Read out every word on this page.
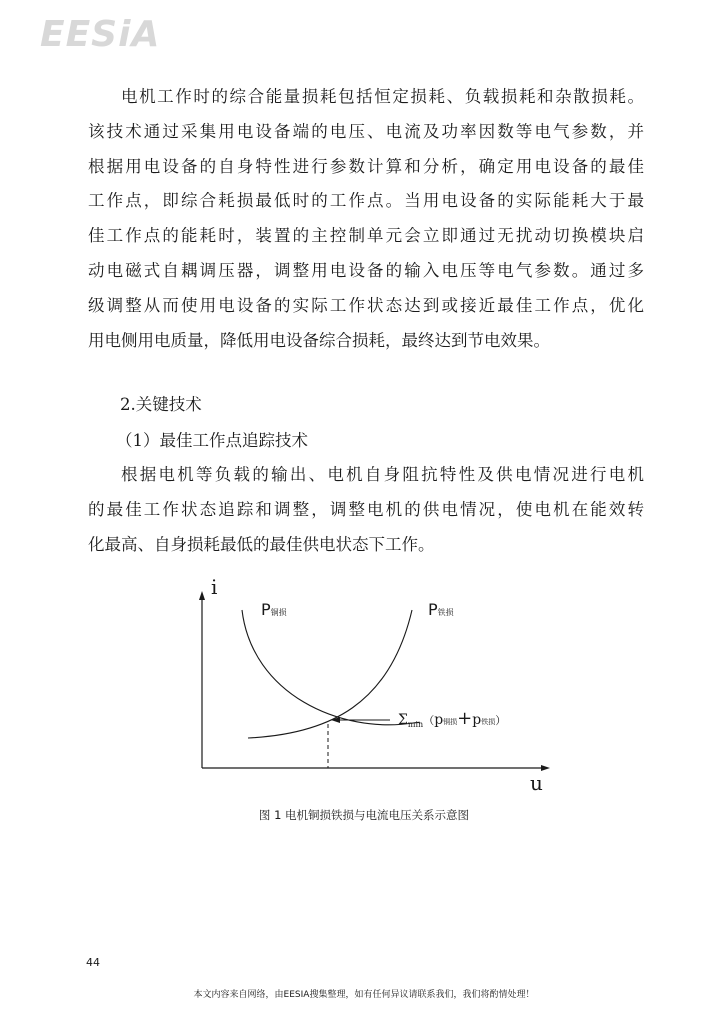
EESiA
电机工作时的综合能量损耗包括恒定损耗、负载损耗和杂散损耗。
该技术通过采集用电设备端的电压、电流及功率因数等电气参数，并
根据用电设备的自身特性进行参数计算和分析，确定用电设备的最佳
工作点，即综合耗损最低时的工作点。当用电设备的实际能耗大于最
佳工作点的能耗时，装置的主控制单元会立即通过无扰动切换模块启
动电磁式自耦调压器，调整用电设备的输入电压等电气参数。通过多
级调整从而使用电设备的实际工作状态达到或接近最佳工作点，优化
用电侧用电质量，降低用电设备综合损耗，最终达到节电效果。
2.关键技术
（1）最佳工作点追踪技术
根据电机等负载的输出、电机自身阻抗特性及供电情况进行电机
的最佳工作状态追踪和调整，调整电机的供电情况，使电机在能效转
化最高、自身损耗最低的最佳供电状态下工作。
i
u
P铜损	P铁损
$\Sigma_{min}^(p$铜损+p铁损）
图 1 电机铜损铁损与电流电压关系示意图
44
本文内容来自网络，由EESIA搜集整理，如有任何异议请联系我们，我们将酌情处理！
